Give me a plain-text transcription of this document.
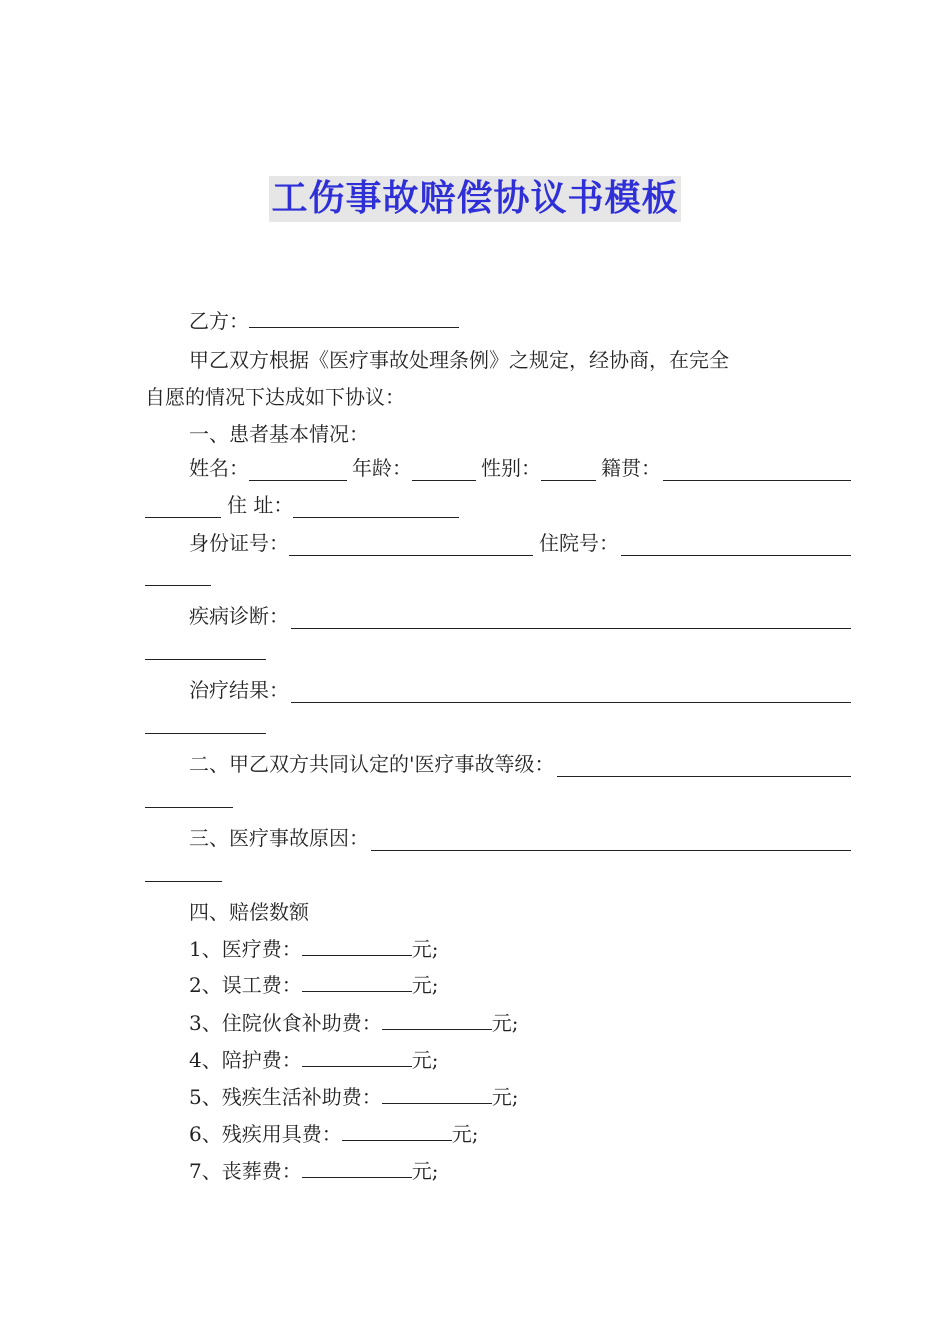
工伤事故赔偿协议书模板
乙方：
甲乙双方根据《医疗事故处理条例》之规定，经协商，在完全
自愿的情况下达成如下协议：
一、患者基本情况：
姓名：	年龄：	性别：	籍贯：
住 址：
身份证号：	住院号：
疾病诊断：
治疗结果：
二、甲乙双方共同认定的'医疗事故等级：
三、医疗事故原因：
四、赔偿数额
1、医疗费：	元;
2、误工费：	元;
3、住院伙食补助费：	元;
4、陪护费：	元;
5、残疾生活补助费：	元;
6、残疾用具费：	元;
7、丧葬费：	元;
